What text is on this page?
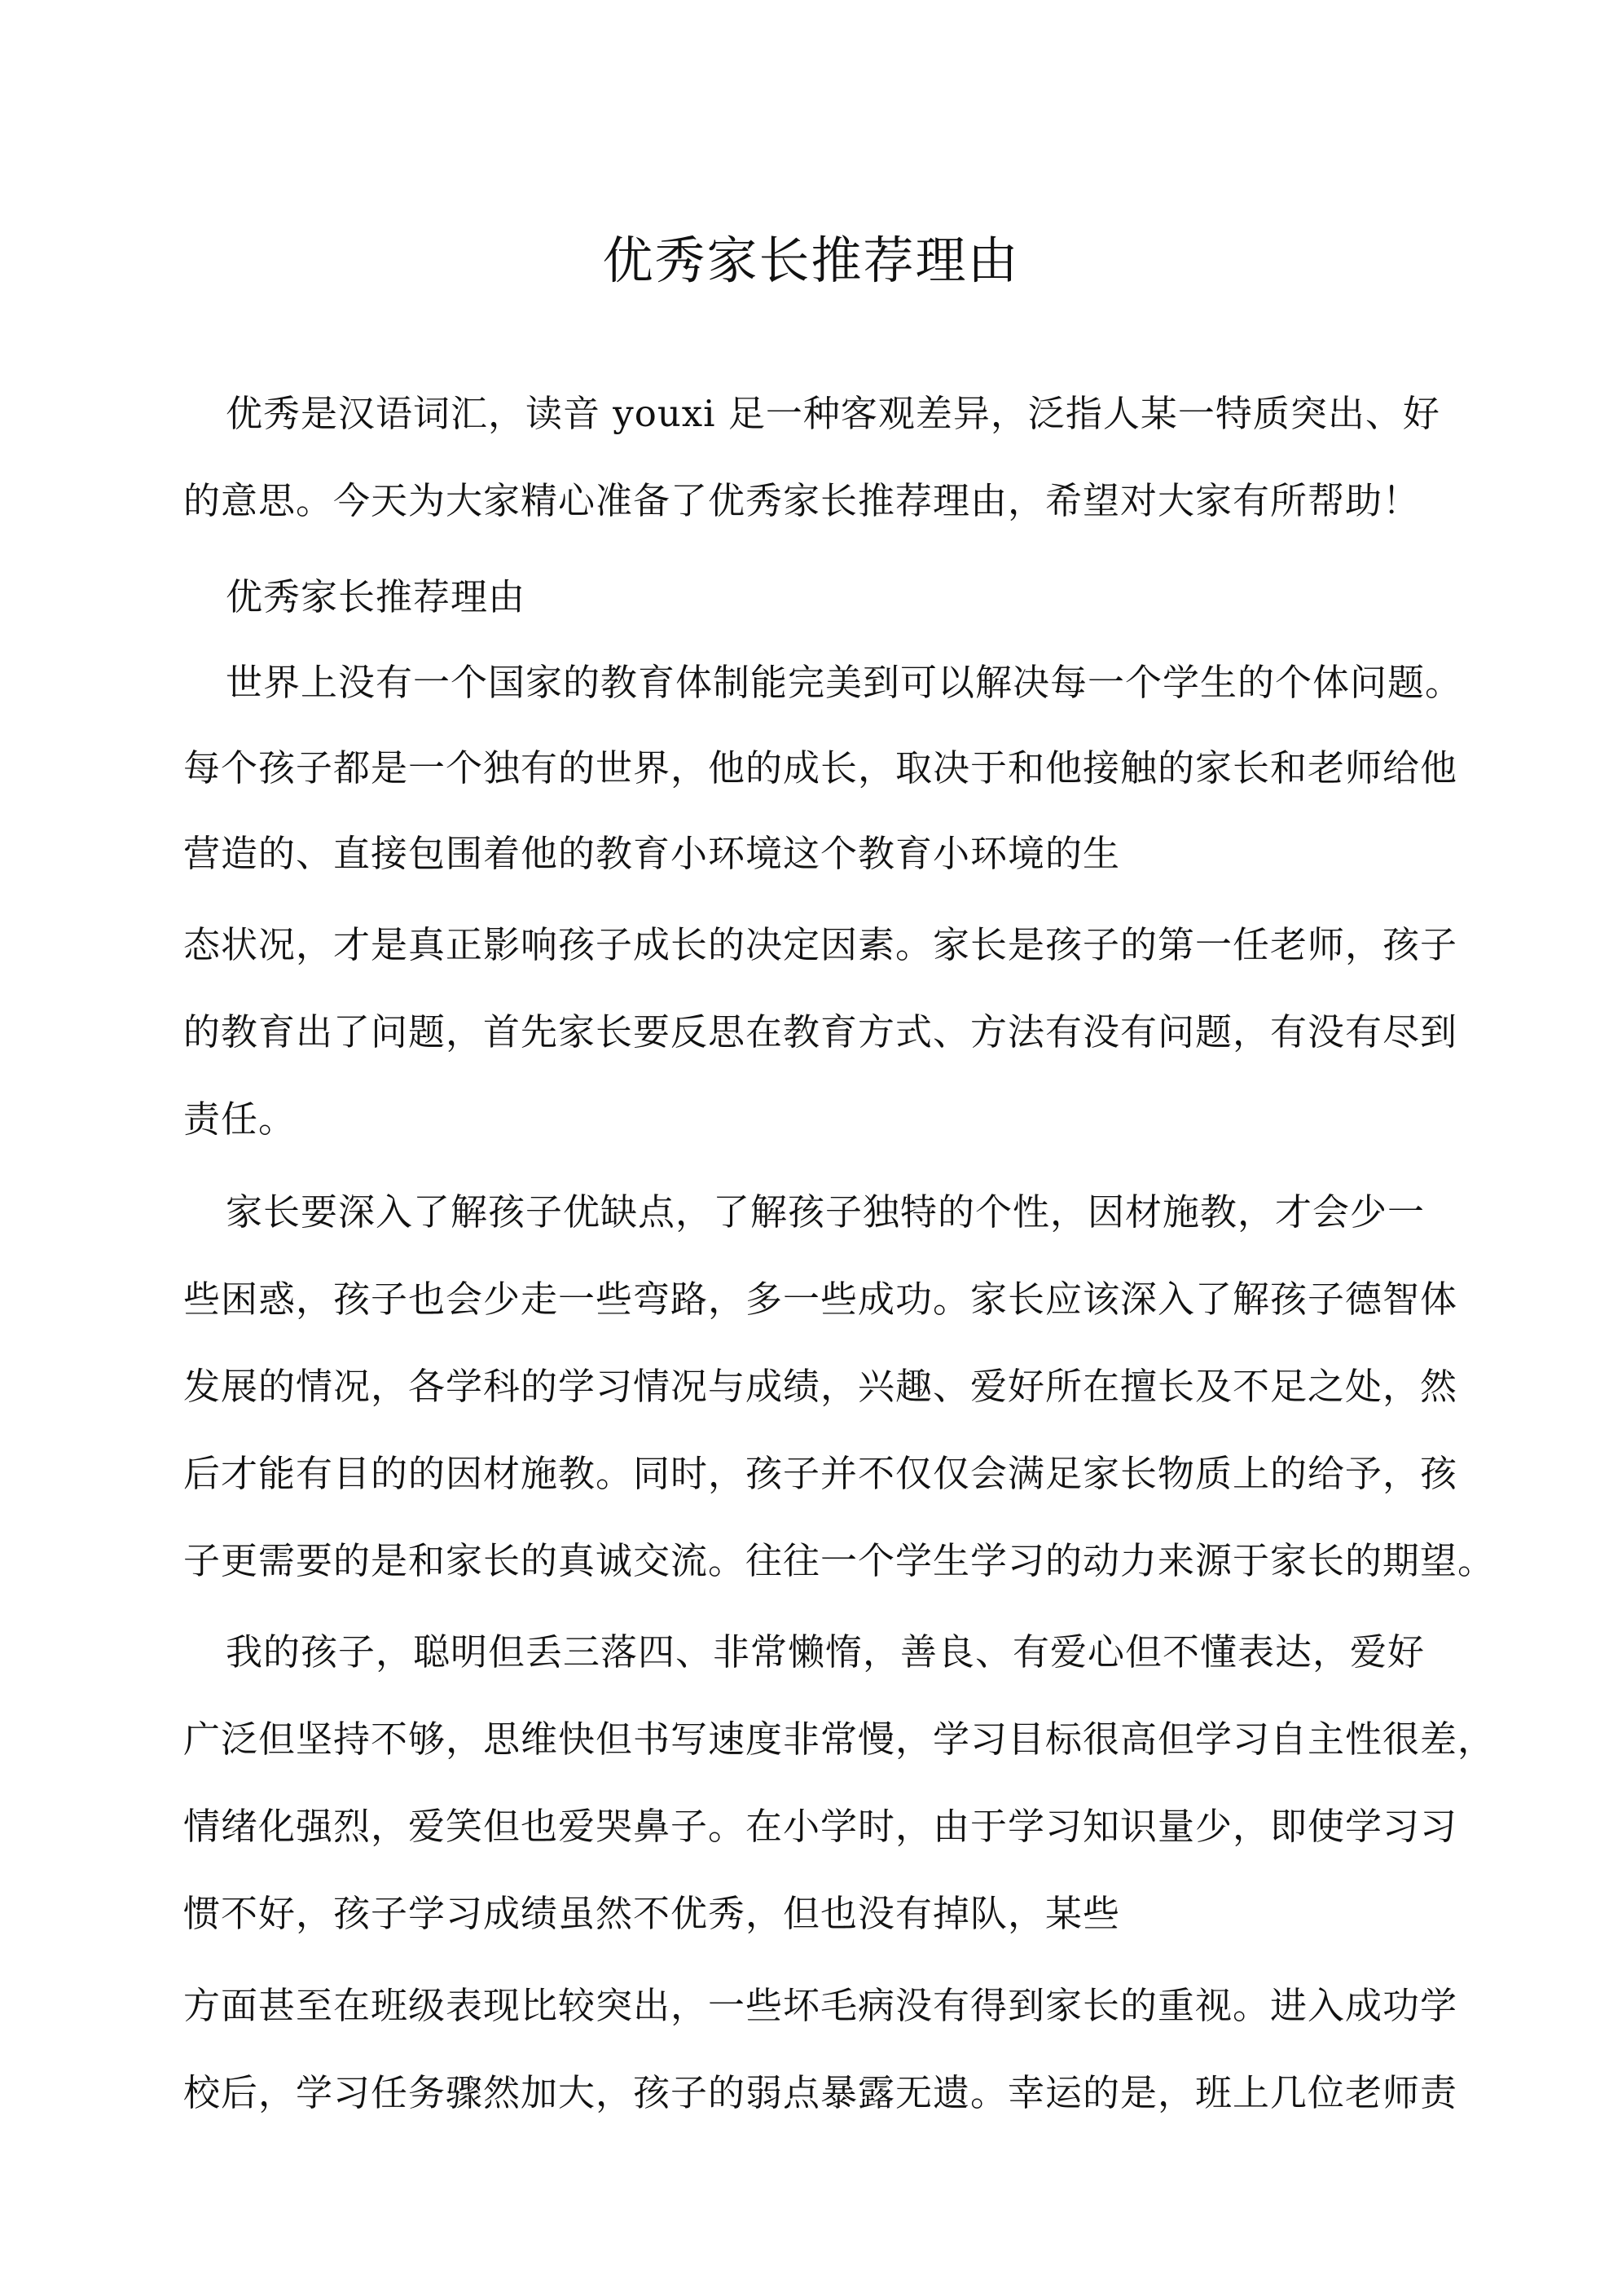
优秀家长推荐理由
优秀是汉语词汇，读音 youxi 足一种客观差异，泛指人某一特质突出、好
的意思。今天为大家精心准备了优秀家长推荐理由，希望对大家有所帮助！
优秀家长推荐理由
世界上没有一个国家的教育体制能完美到可以解决每一个学生的个体问题。
每个孩子都是一个独有的世界，他的成长，取决于和他接触的家长和老师给他
营造的、直接包围着他的教育小环境这个教育小环境的生
态状况，才是真正影响孩子成长的决定因素。家长是孩子的第一任老师，孩子
的教育出了问题，首先家长要反思在教育方式、方法有没有问题，有没有尽到
责任。
家长要深入了解孩子优缺点，了解孩子独特的个性，因材施教，才会少一
些困惑，孩子也会少走一些弯路，多一些成功。家长应该深入了解孩子德智体
发展的情况，各学科的学习情况与成绩，兴趣、爱好所在擅长及不足之处，然
后才能有目的的因材施教。同时，孩子并不仅仅会满足家长物质上的给予，孩
子更需要的是和家长的真诚交流。往往一个学生学习的动力来源于家长的期望。
我的孩子，聪明但丢三落四、非常懒惰，善良、有爱心但不懂表达，爱好
广泛但坚持不够，思维快但书写速度非常慢，学习目标很高但学习自主性很差，
情绪化强烈，爱笑但也爱哭鼻子。在小学时，由于学习知识量少，即使学习习
惯不好，孩子学习成绩虽然不优秀，但也没有掉队，某些
方面甚至在班级表现比较突出，一些坏毛病没有得到家长的重视。进入成功学
校后，学习任务骤然加大，孩子的弱点暴露无遗。幸运的是，班上几位老师责
